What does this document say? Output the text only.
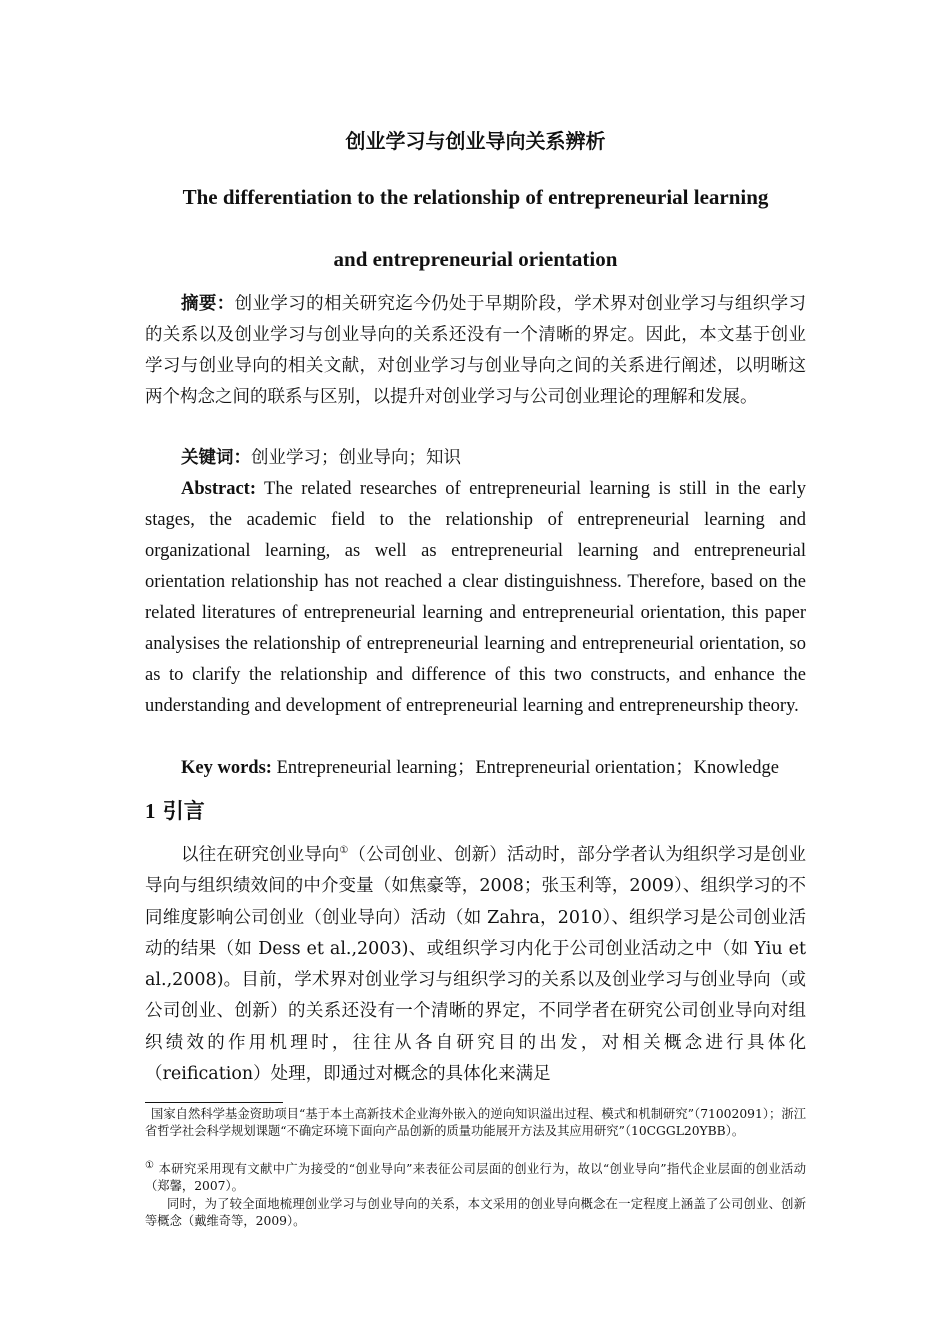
创业学习与创业导向关系辨析
The differentiation to the relationship of entrepreneurial learning
and entrepreneurial orientation
摘要：创业学习的相关研究迄今仍处于早期阶段，学术界对创业学习与组织学习的关系以及创业学习与创业导向的关系还没有一个清晰的界定。因此，本文基于创业学习与创业导向的相关文献，对创业学习与创业导向之间的关系进行阐述，以明晰这两个构念之间的联系与区别，以提升对创业学习与公司创业理论的理解和发展。
关键词：创业学习；创业导向；知识
Abstract: The related researches of entrepreneurial learning is still in the early stages, the academic field to the relationship of entrepreneurial learning and organizational learning, as well as entrepreneurial learning and entrepreneurial orientation relationship has not reached a clear distinguishness. Therefore, based on the related literatures of entrepreneurial learning and entrepreneurial orientation, this paper analysises the relationship of entrepreneurial learning and entrepreneurial orientation, so as to clarify the relationship and difference of this two constructs, and enhance the understanding and development of entrepreneurial learning and entrepreneurship theory.
Key words: Entrepreneurial learning；Entrepreneurial orientation；Knowledge
1 引言
以往在研究创业导向①（公司创业、创新）活动时，部分学者认为组织学习是创业导向与组织绩效间的中介变量（如焦豪等，2008；张玉利等，2009）、组织学习的不同维度影响公司创业（创业导向）活动（如 Zahra，2010）、组织学习是公司创业活动的结果（如 Dess et al.,2003)、或组织学习内化于公司创业活动之中（如 Yiu et al.,2008)。目前，学术界对创业学习与组织学习的关系以及创业学习与创业导向（或公司创业、创新）的关系还没有一个清晰的界定，不同学者在研究公司创业导向对组织绩效的作用机理时，往往从各自研究目的出发，对相关概念进行具体化（reification）处理，即通过对概念的具体化来满足
国家自然科学基金资助项目“基于本土高新技术企业海外嵌入的逆向知识溢出过程、模式和机制研究”（71002091）；浙江省哲学社会科学规划课题“不确定环境下面向产品创新的质量功能展开方法及其应用研究”（10CGGL20YBB）。
① 本研究采用现有文献中广为接受的“创业导向”来表征公司层面的创业行为，故以“创业导向”指代企业层面的创业活动（郑馨，2007）。
同时，为了较全面地梳理创业学习与创业导向的关系，本文采用的创业导向概念在一定程度上涵盖了公司创业、创新等概念（戴维奇等，2009）。
